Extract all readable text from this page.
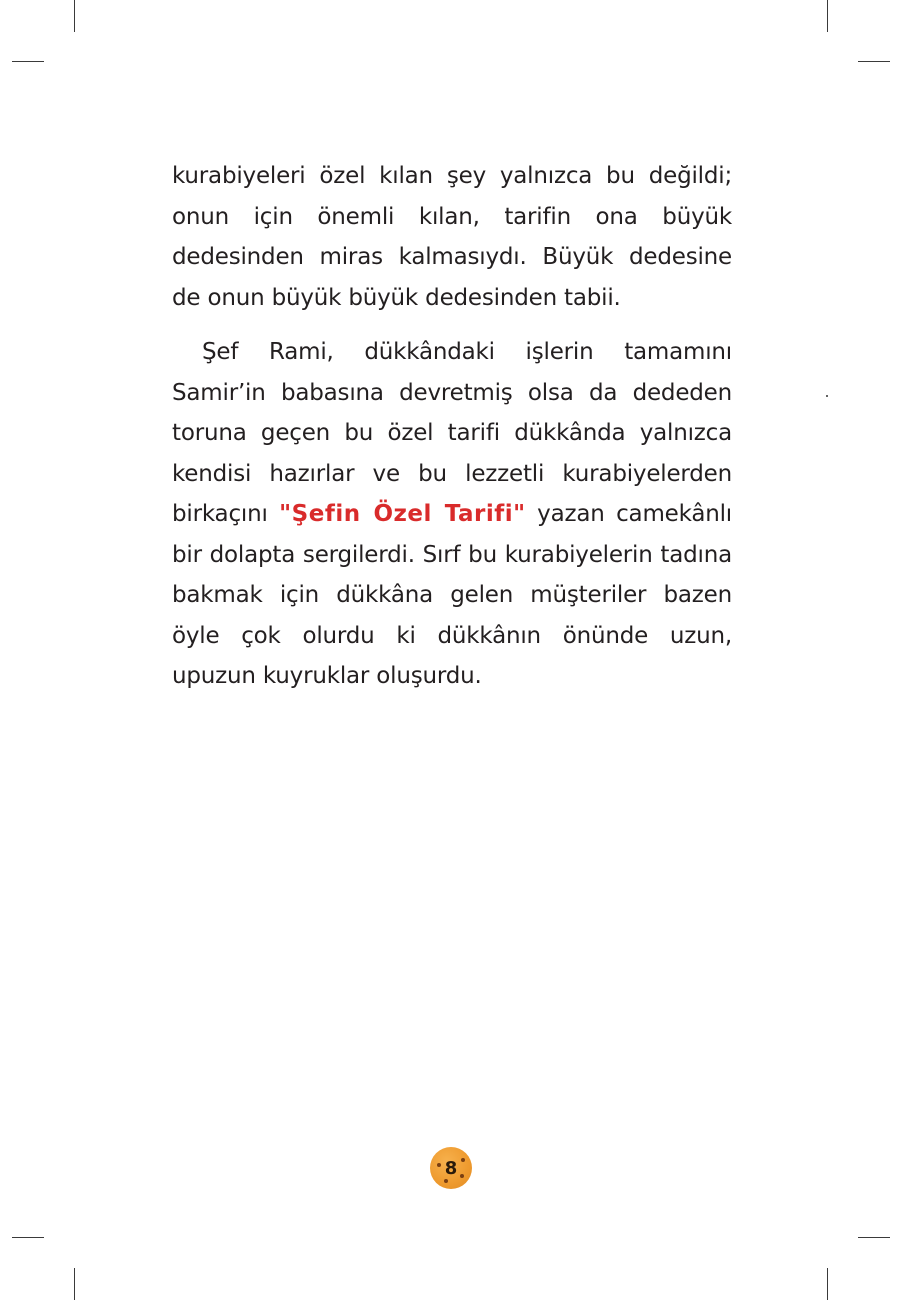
kurabiyeleri özel kılan şey yalnızca bu değildi; onun için önemli kılan, tarifin ona büyük dedesinden miras kalmasıydı. Büyük dedesine de onun büyük büyük dedesinden tabii.

Şef Rami, dükkândaki işlerin tamamını Samir’in babasına devretmiş olsa da dededen toruna geçen bu özel tarifi dükkânda yalnızca kendisi hazırlar ve bu lezzetli kurabiyelerden birkaçını "Şefin Özel Tarifi" yazan camekânlı bir dolapta sergilerdi. Sırf bu kurabiyelerin tadına bakmak için dükkâna gelen müşteriler bazen öyle çok olurdu ki dükkânın önünde uzun, upuzun kuyruklar oluşurdu.

8
